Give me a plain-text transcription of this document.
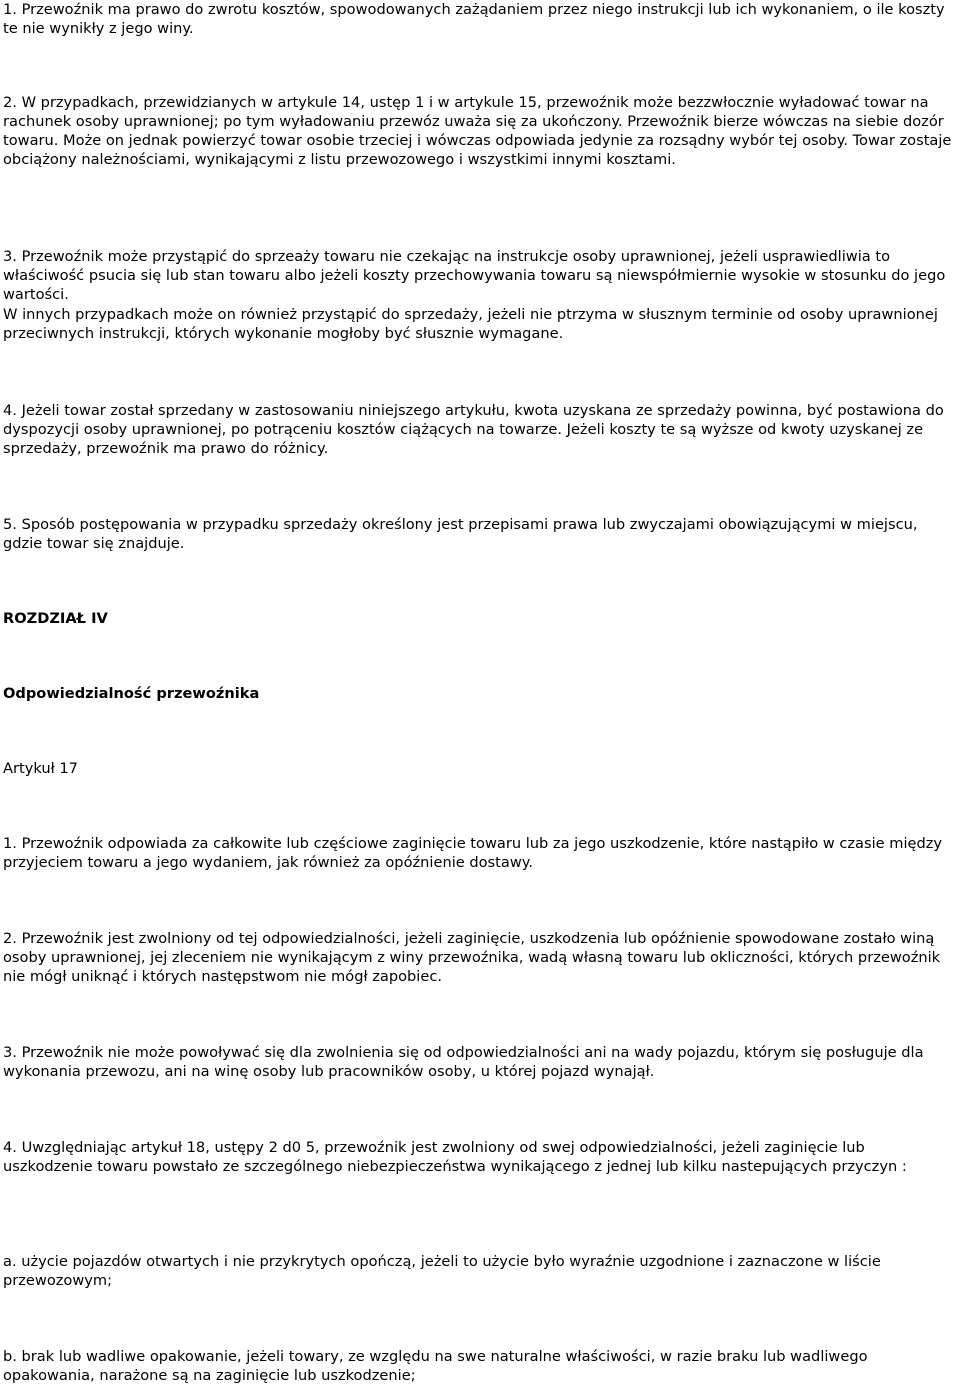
1. Przewoźnik ma prawo do zwrotu kosztów, spowodowanych zażądaniem przez niego instrukcji lub ich wykonaniem, o ile koszty te nie wynikły z jego winy.

2. W przypadkach, przewidzianych w artykule 14, ustęp 1 i w artykule 15, przewoźnik może bezzwłocznie wyładować towar na rachunek osoby uprawnionej; po tym wyładowaniu przewóz uważa się za ukończony. Przewoźnik bierze wówczas na siebie dozór towaru. Może on jednak powierzyć towar osobie trzeciej i wówczas odpowiada jedynie za rozsądny wybór tej osoby. Towar zostaje obciążony należnościami, wynikającymi z listu przewozowego i wszystkimi innymi kosztami.

3. Przewoźnik może przystąpić do sprzeaży towaru nie czekając na instrukcje osoby uprawnionej, jeżeli usprawiedliwia to właściwość psucia się lub stan towaru albo jeżeli koszty przechowywania towaru są niewspółmiernie wysokie w stosunku do jego wartości.

W innych przypadkach może on również przystąpić do sprzedaży, jeżeli nie ptrzyma w słusznym terminie od osoby uprawnionej przeciwnych instrukcji, których wykonanie mogłoby być słusznie wymagane.

4. Jeżeli towar został sprzedany w zastosowaniu niniejszego artykułu, kwota uzyskana ze sprzedaży powinna, być postawiona do dyspozycji osoby uprawnionej, po potrąceniu kosztów ciążących na towarze. Jeżeli koszty te są wyższe od kwoty uzyskanej ze sprzedaży, przewoźnik ma prawo do różnicy.

5. Sposób postępowania w przypadku sprzedaży określony jest przepisami prawa lub zwyczajami obowiązującymi w miejscu, gdzie towar się znajduje.

ROZDZIAŁ IV

Odpowiedzialność przewoźnika

Artykuł 17

1. Przewoźnik odpowiada za całkowite lub częściowe zaginięcie towaru lub za jego uszkodzenie, które nastąpiło w czasie między przyjeciem towaru a jego wydaniem, jak również za opóźnienie dostawy.

2. Przewoźnik jest zwolniony od tej odpowiedzialności, jeżeli zaginięcie, uszkodzenia lub opóźnienie spowodowane zostało winą osoby uprawnionej, jej zleceniem nie wynikającym z winy przewoźnika, wadą własną towaru lub okliczności, których przewoźnik nie mógł uniknąć i których następstwom nie mógł zapobiec.

3. Przewoźnik nie może powoływać się dla zwolnienia się od odpowiedzialności ani na wady pojazdu, którym się posługuje dla wykonania przewozu, ani na winę osoby lub pracowników osoby, u której pojazd wynajął.

4. Uwzględniając artykuł 18, ustępy 2 d0 5, przewoźnik jest zwolniony od swej odpowiedzialności, jeżeli zaginięcie lub uszkodzenie towaru powstało ze szczególnego niebezpieczeństwa wynikającego z jednej lub kilku nastepujących przyczyn :

a. użycie pojazdów otwartych i nie przykrytych opończą, jeżeli to użycie było wyraźnie uzgodnione i zaznaczone w liście przewozowym;

b. brak lub wadliwe opakowanie, jeżeli towary, ze względu na swe naturalne właściwości, w razie braku lub wadliwego opakowania, narażone są na zaginięcie lub uszkodzenie;
